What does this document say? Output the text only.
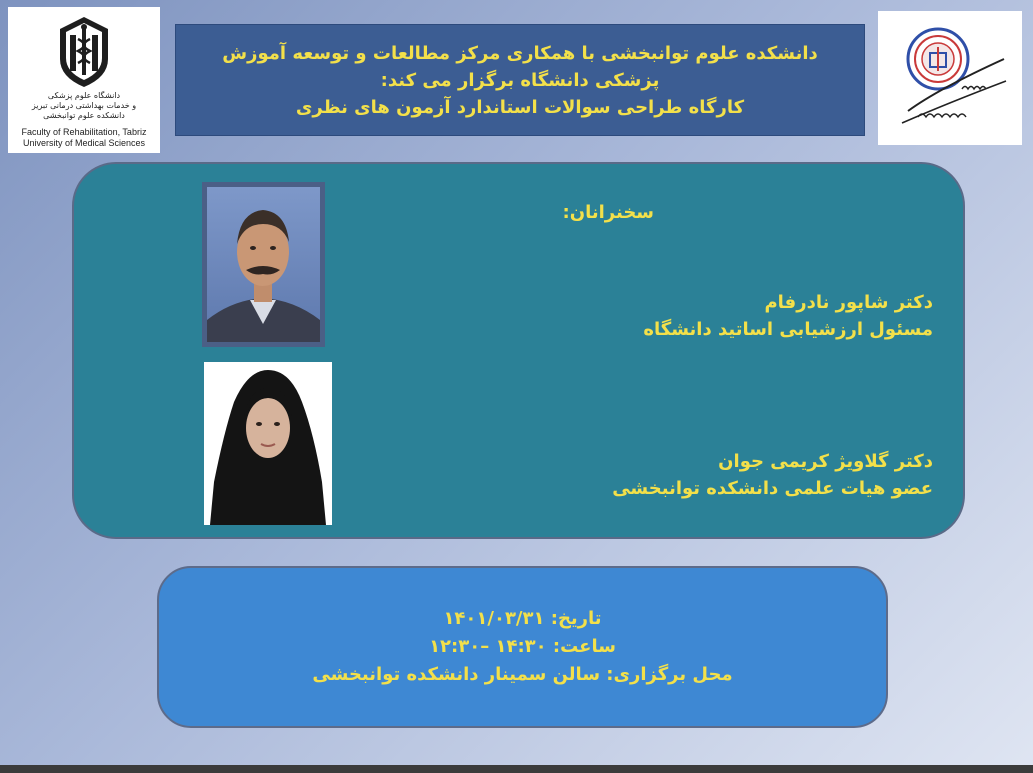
دانشگاه علوم پزشکی
و خدمات بهداشتی درمانی تبریز
دانشکده علوم توانبخشی
Faculty of Rehabilitation, Tabriz
University of Medical Sciences
دانشکده علوم توانبخشی با همکاری مرکز مطالعات و توسعه آموزش
پزشکی دانشگاه برگزار می کند:
کارگاه طراحی سوالات استاندارد آزمون های نظری
سخنرانان:
دکتر شاپور نادرفام
مسئول ارزشیابی اساتید دانشگاه
دکتر گلاویژ کریمی جوان
عضو هیات علمی دانشکده توانبخشی
تاریخ: ۱۴۰۱/۰۳/۳۱
ساعت: ۱۴:۳۰ –۱۲:۳۰
محل برگزاری: سالن سمینار دانشکده توانبخشی
